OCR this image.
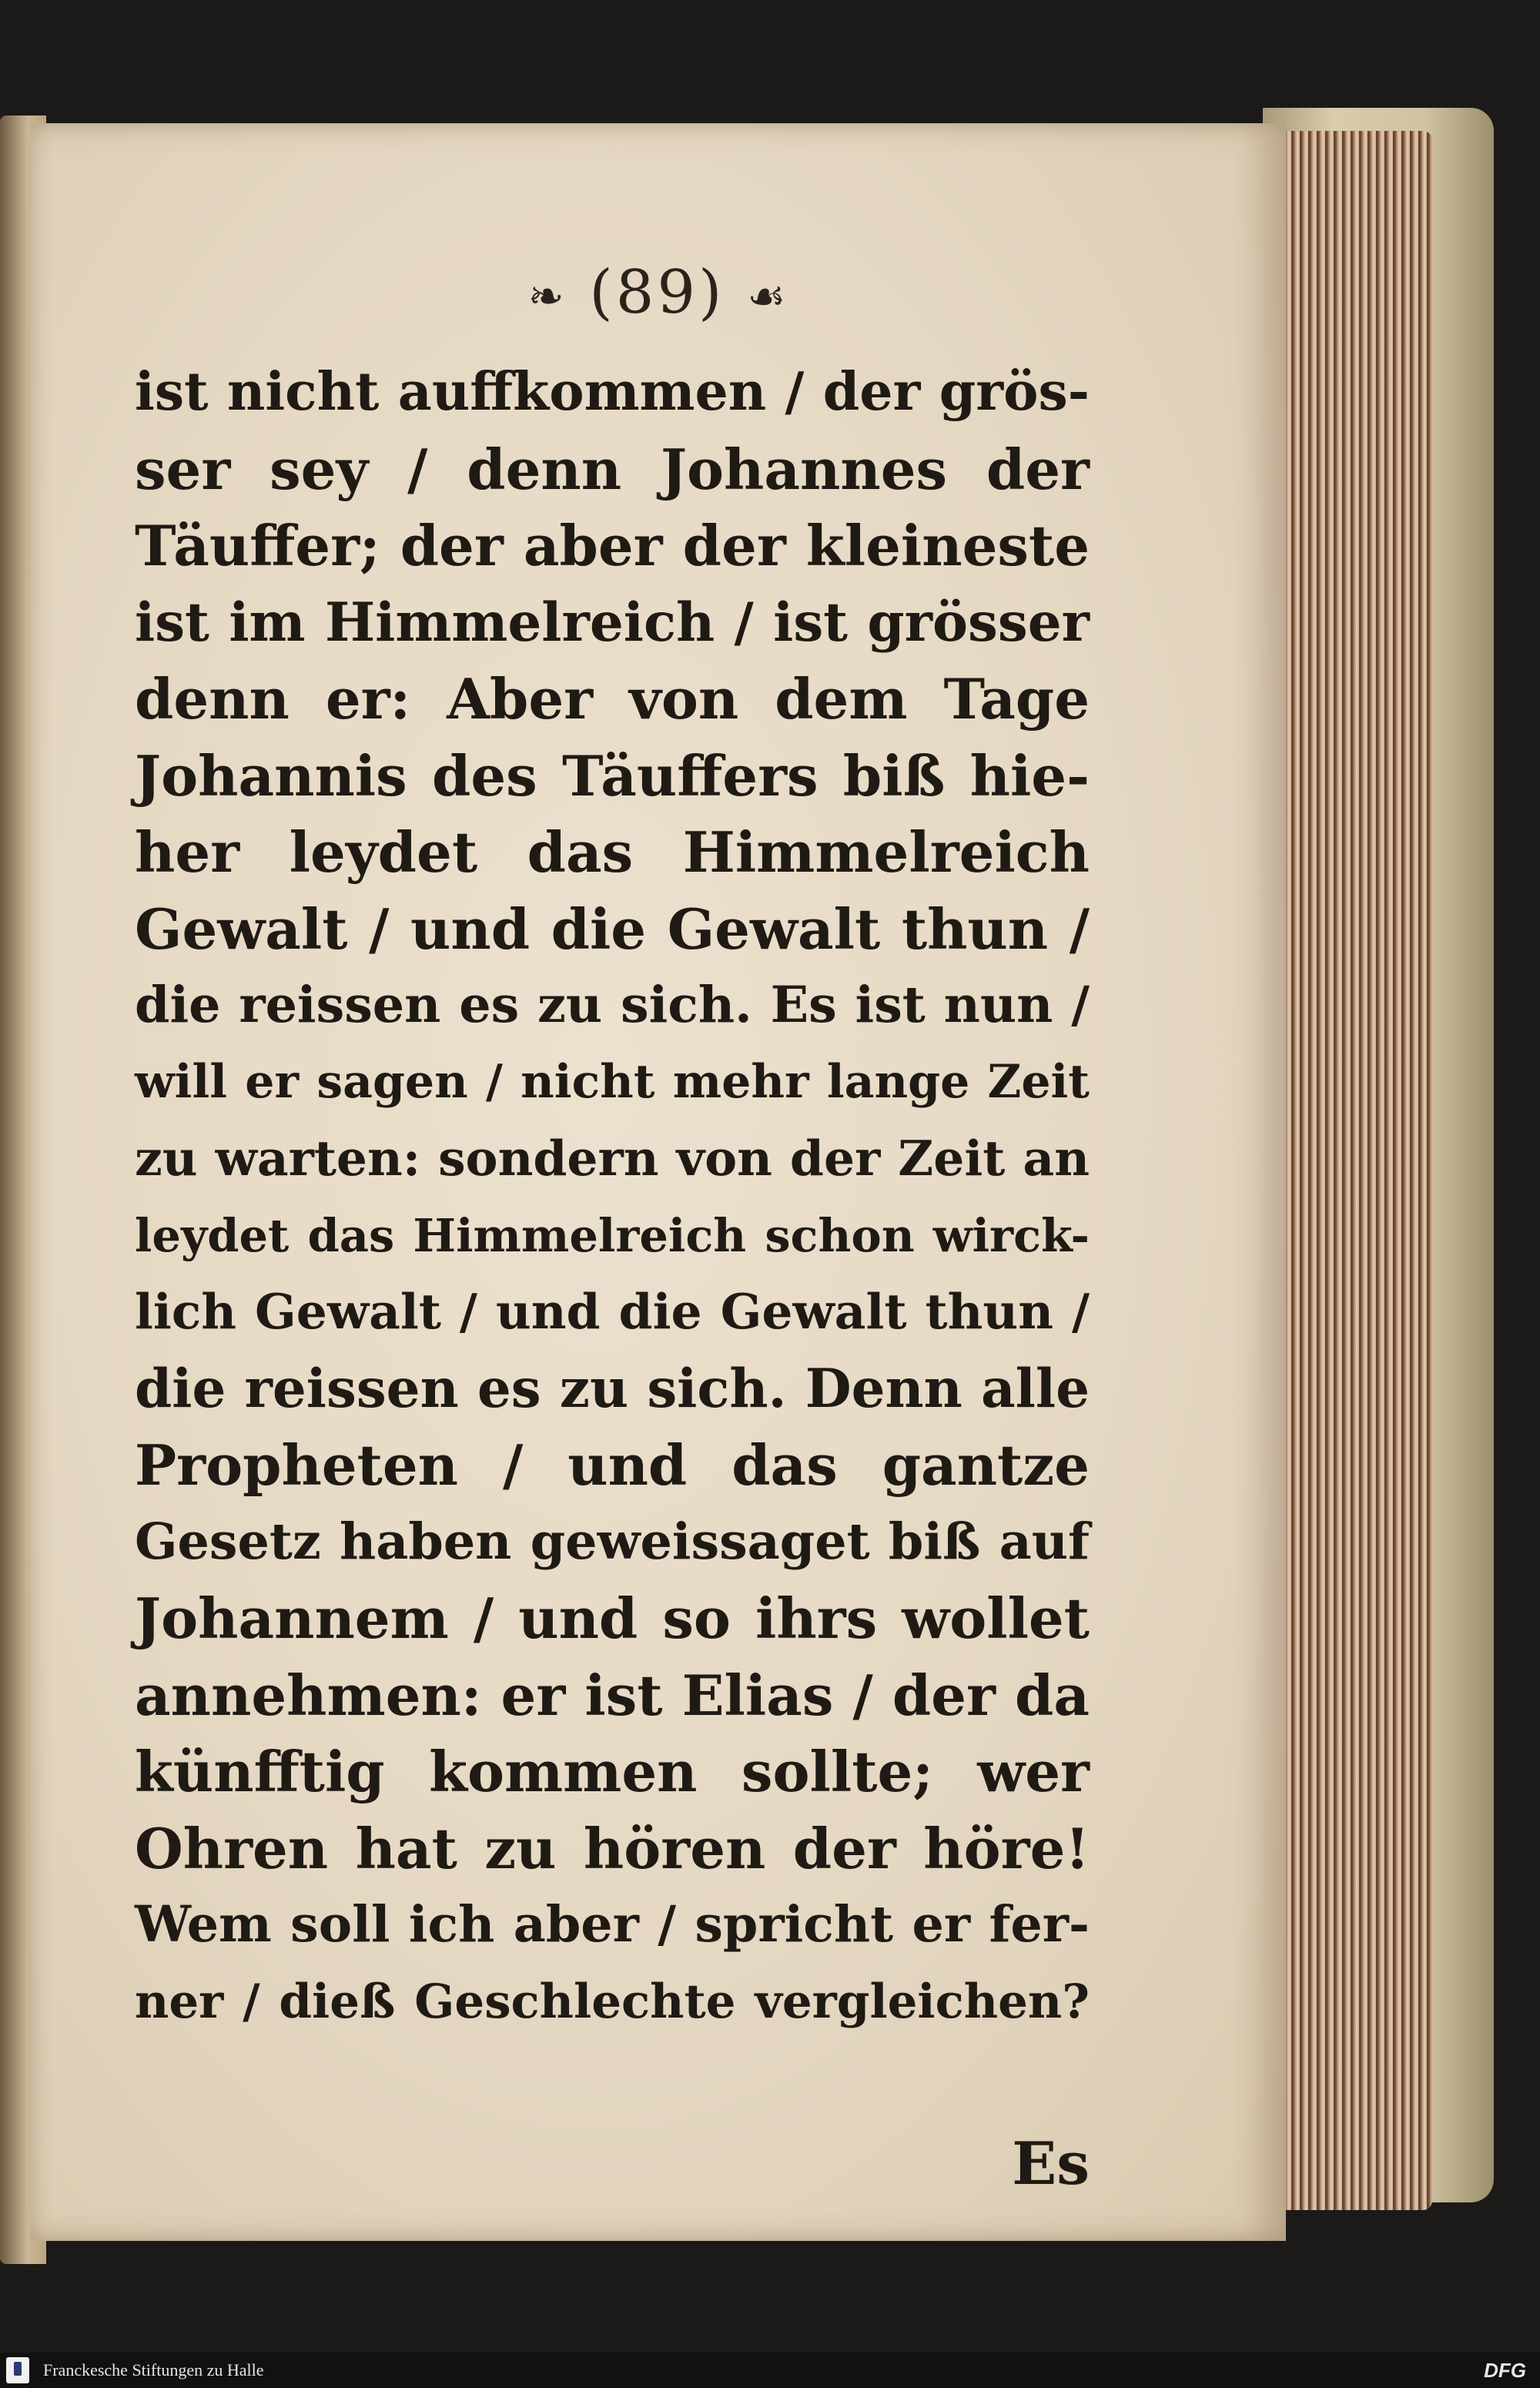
❧ (89) ☙
ist nicht auffkommen / der grös-
ser sey / denn Johannes der
Täuffer; der aber der kleineste
ist im Himmelreich / ist grösser
denn er: Aber von dem Tage
Johannis des Täuffers biß hie-
her leydet das Himmelreich
Gewalt / und die Gewalt thun /
die reissen es zu sich. Es ist nun /
will er sagen / nicht mehr lange Zeit
zu warten: sondern von der Zeit an
leydet das Himmelreich schon wirck-
lich Gewalt / und die Gewalt thun /
die reissen es zu sich. Denn alle
Propheten / und das gantze
Gesetz haben geweissaget biß auf
Johannem / und so ihrs wollet
annehmen: er ist Elias / der da
künfftig kommen sollte; wer
Ohren hat zu hören der höre!
Wem soll ich aber / spricht er fer-
ner / dieß Geschlechte vergleichen?
Es
Franckesche Stiftungen zu Halle	DFG
